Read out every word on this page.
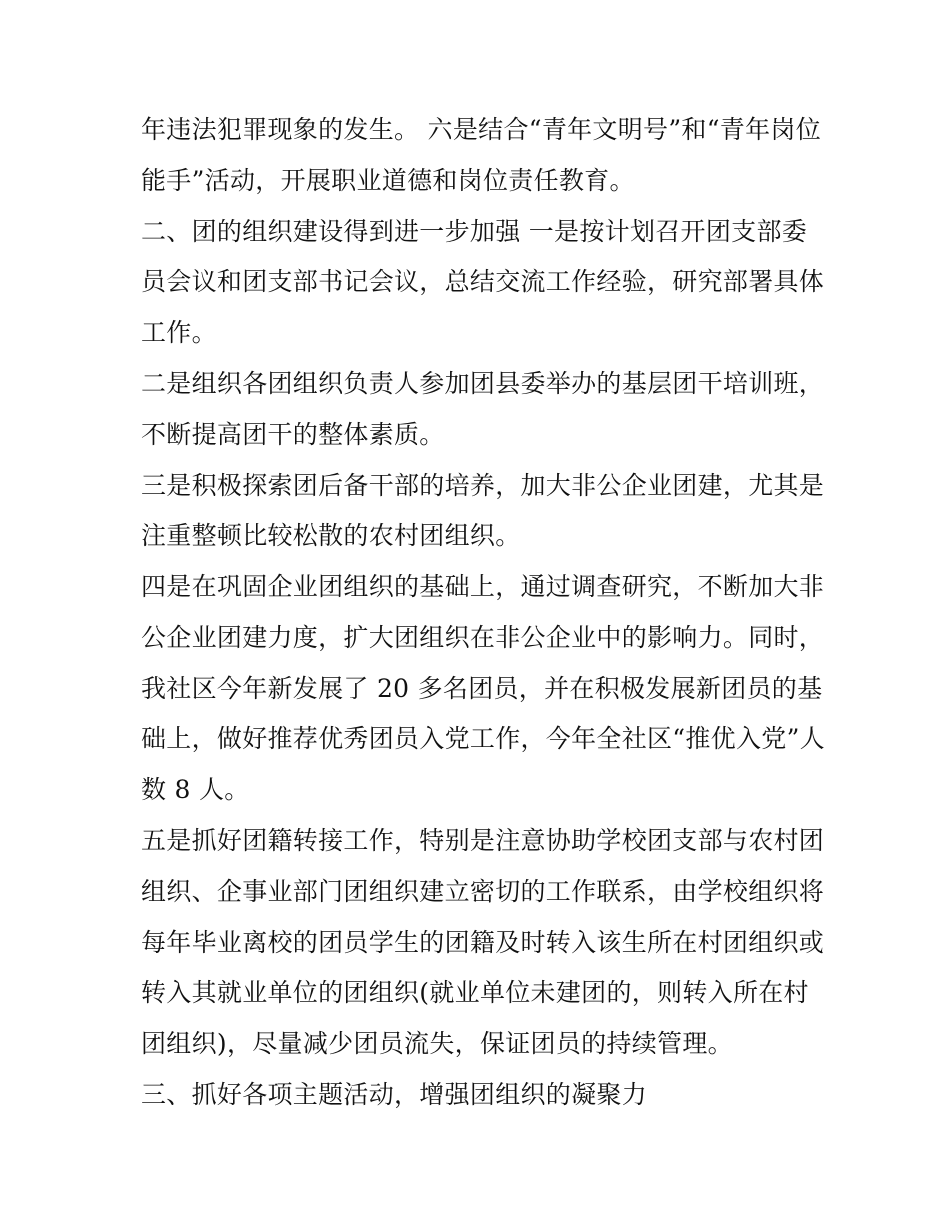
年违法犯罪现象的发生。 六是结合“青年文明号”和“青年岗位
能手”活动，开展职业道德和岗位责任教育。
二、团的组织建设得到进一步加强 一是按计划召开团支部委
员会议和团支部书记会议，总结交流工作经验，研究部署具体
工作。
二是组织各团组织负责人参加团县委举办的基层团干培训班，
不断提高团干的整体素质。
三是积极探索团后备干部的培养，加大非公企业团建，尤其是
注重整顿比较松散的农村团组织。
四是在巩固企业团组织的基础上，通过调查研究，不断加大非
公企业团建力度，扩大团组织在非公企业中的影响力。同时，
我社区今年新发展了 20 多名团员，并在积极发展新团员的基
础上，做好推荐优秀团员入党工作，今年全社区“推优入党”人
数 8 人。
五是抓好团籍转接工作，特别是注意协助学校团支部与农村团
组织、企事业部门团组织建立密切的工作联系，由学校组织将
每年毕业离校的团员学生的团籍及时转入该生所在村团组织或
转入其就业单位的团组织(就业单位未建团的，则转入所在村
团组织)，尽量减少团员流失，保证团员的持续管理。
三、抓好各项主题活动，增强团组织的凝聚力
